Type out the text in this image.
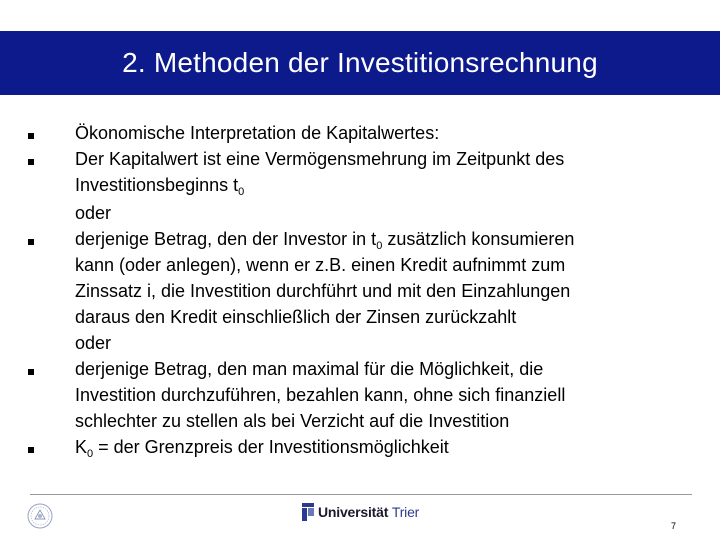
2. Methoden der Investitionsrechnung
Ökonomische Interpretation de Kapitalwertes:
Der Kapitalwert ist eine Vermögensmehrung im Zeitpunkt des
Investitionsbeginns $t_0$
oder
derjenige Betrag, den der Investor in $t_0$ zusätzlich konsumieren
kann (oder anlegen), wenn er z.B. einen Kredit aufnimmt zum
Zinssatz i, die Investition durchführt und mit den Einzahlungen
daraus den Kredit einschließlich der Zinsen zurückzahlt
oder
derjenige Betrag, den man maximal für die Möglichkeit, die
Investition durchzuführen, bezahlen kann, ohne sich finanziell
schlechter zu stellen als bei Verzicht auf die Investition
$K_0$ = der Grenzpreis der Investitionsmöglichkeit
Universität Trier
7
